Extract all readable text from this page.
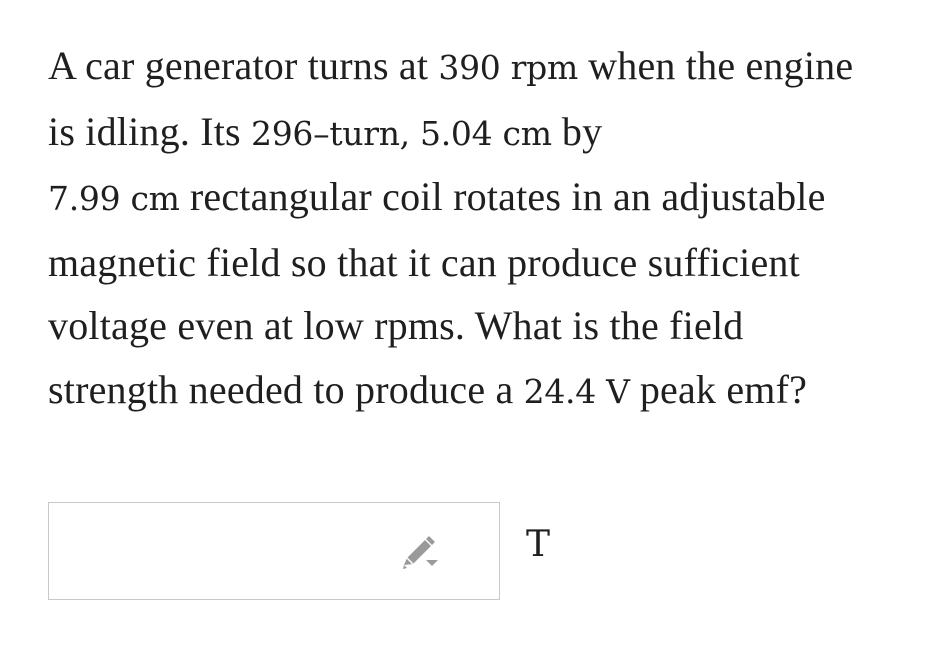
A car generator turns at 390 rpm when the engine is idling. Its 296–turn, 5.04 cm by
7.99 cm rectangular coil rotates in an adjustable magnetic field so that it can produce sufficient voltage even at low rpms. What is the field strength needed to produce a 24.4 V peak emf?
T
